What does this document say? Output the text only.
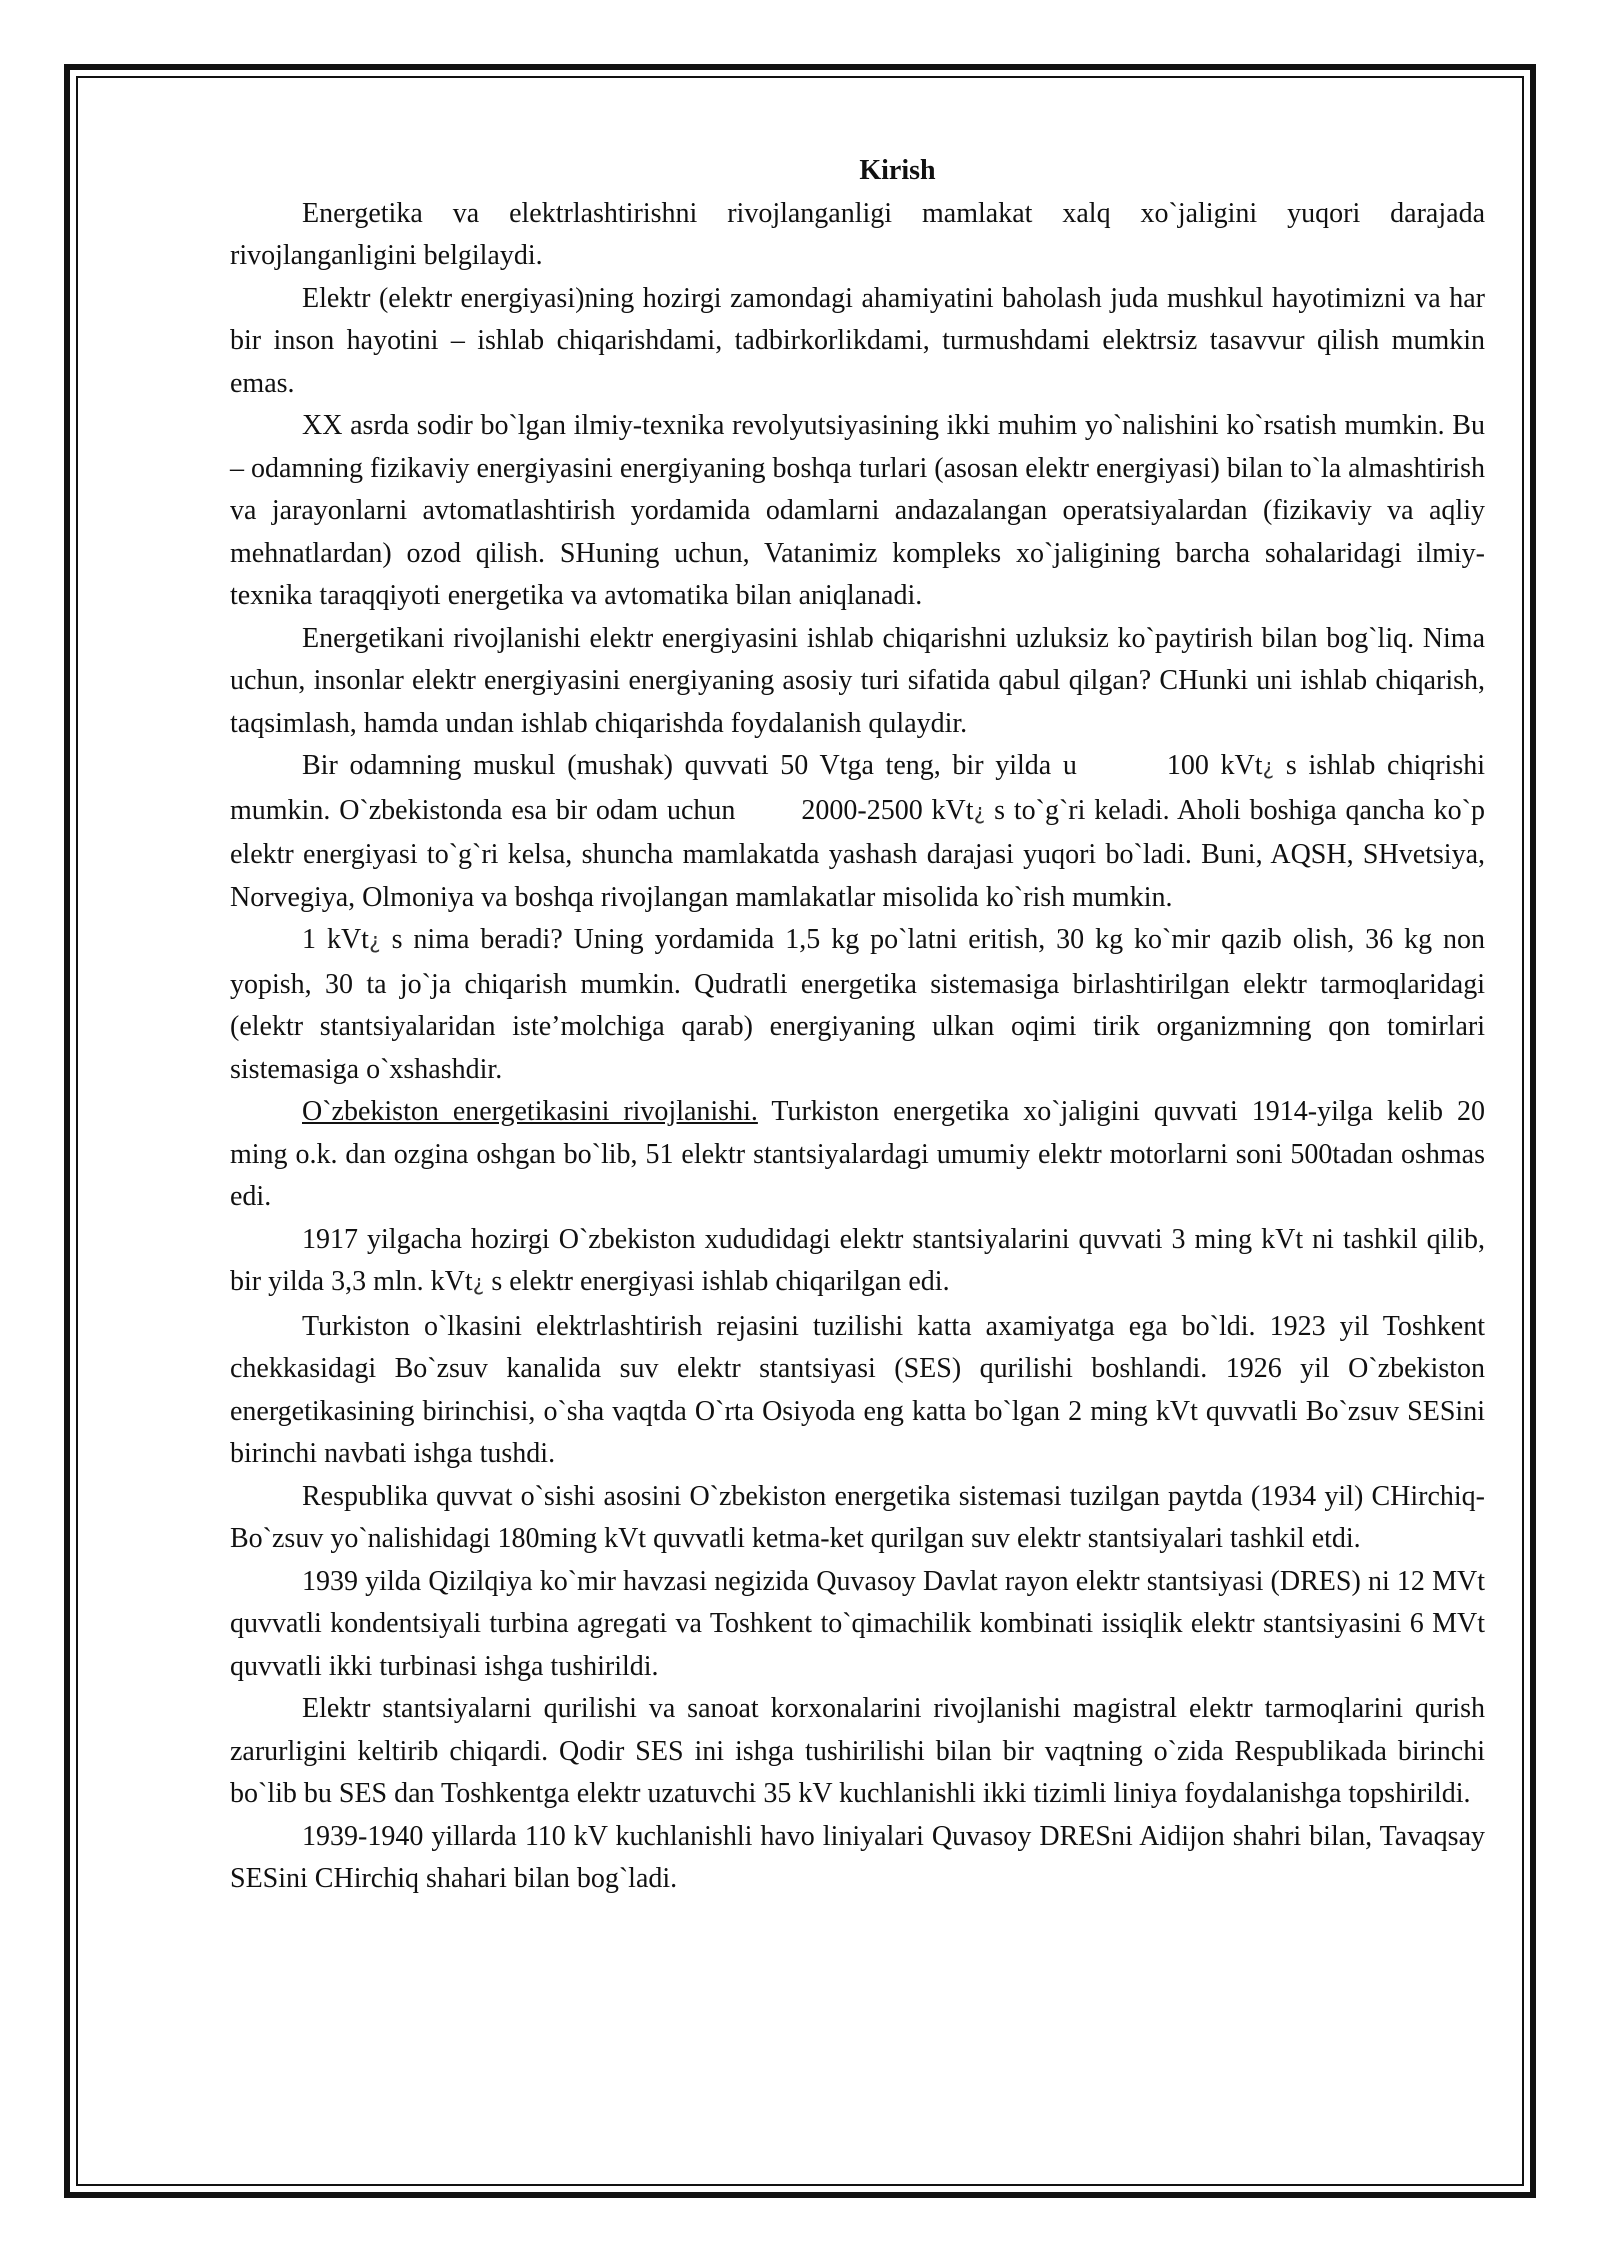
Kirish

Energetika va elektrlashtirishni rivojlanganligi mamlakat xalq xo`jaligini yuqori darajada rivojlanganligini belgilaydi.

Elektr (elektr energiyasi)ning hozirgi zamondagi ahamiyatini baholash juda mushkul hayotimizni va har bir inson hayotini – ishlab chiqarishdami, tadbirkorlikdami, turmushdami elektrsiz tasavvur qilish mumkin emas.

XX asrda sodir bo`lgan ilmiy-texnika revolyutsiyasining ikki muhim yo`nalishini ko`rsatish mumkin. Bu – odamning fizikaviy energiyasini energiyaning boshqa turlari (asosan elektr energiyasi) bilan to`la almashtirish va jarayonlarni avtomatlashtirish yordamida odamlarni andazalangan operatsiyalardan (fizikaviy va aqliy mehnatlardan) ozod qilish. SHuning uchun, Vatanimiz kompleks xo`jaligining barcha sohalaridagi ilmiy-texnika taraqqiyoti energetika va avtomatika bilan aniqlanadi.

Energetikani rivojlanishi elektr energiyasini ishlab chiqarishni uzluksiz ko`paytirish bilan bog`liq. Nima uchun, insonlar elektr energiyasini energiyaning asosiy turi sifatida qabul qilgan? CHunki uni ishlab chiqarish, taqsimlash, hamda undan ishlab chiqarishda foydalanish qulaydir.

Bir odamning muskul (mushak) quvvati 50 Vtga teng, bir yilda u	100 kVt¿ s ishlab chiqrishi mumkin. O`zbekistonda esa bir odam uchun 2000-2500 kVt¿ s to`g`ri keladi. Aholi boshiga qancha ko`p elektr energiyasi to`g`ri kelsa, shuncha mamlakatda yashash darajasi yuqori bo`ladi. Buni, AQSH, SHvetsiya, Norvegiya, Olmoniya va boshqa rivojlangan mamlakatlar misolida ko`rish mumkin.

1 kVt¿ s nima beradi? Uning yordamida 1,5 kg po`latni eritish, 30 kg ko`mir qazib olish, 36 kg non yopish, 30 ta jo`ja chiqarish mumkin. Qudratli energetika sistemasiga birlashtirilgan elektr tarmoqlaridagi (elektr stantsiyalaridan iste’molchiga qarab) energiyaning ulkan oqimi tirik organizmning qon tomirlari sistemasiga o`xshashdir.

O`zbekiston energetikasini rivojlanishi. Turkiston energetika xo`jaligini quvvati 1914-yilga kelib 20 ming o.k. dan ozgina oshgan bo`lib, 51 elektr stantsiyalardagi umumiy elektr motorlarni soni 500tadan oshmas edi.

1917 yilgacha hozirgi O`zbekiston xududidagi elektr stantsiyalarini quvvati 3 ming kVt ni tashkil qilib, bir yilda 3,3 mln. kVt¿ s elektr energiyasi ishlab chiqarilgan edi.

Turkiston o`lkasini elektrlashtirish rejasini tuzilishi katta axamiyatga ega bo`ldi. 1923 yil Toshkent chekkasidagi Bo`zsuv kanalida suv elektr stantsiyasi (SES) qurilishi boshlandi. 1926 yil O`zbekiston energetikasining birinchisi, o`sha vaqtda O`rta Osiyoda eng katta bo`lgan 2 ming kVt quvvatli Bo`zsuv SESini birinchi navbati ishga tushdi.

Respublika quvvat o`sishi asosini O`zbekiston energetika sistemasi tuzilgan paytda (1934 yil) CHirchiq-Bo`zsuv yo`nalishidagi 180ming kVt quvvatli ketma-ket qurilgan suv elektr stantsiyalari tashkil etdi.

1939 yilda Qizilqiya ko`mir havzasi negizida Quvasoy Davlat rayon elektr stantsiyasi (DRES) ni 12 MVt quvvatli kondentsiyali turbina agregati va Toshkent to`qimachilik kombinati issiqlik elektr stantsiyasini 6 MVt quvvatli ikki turbinasi ishga tushirildi.

Elektr stantsiyalarni qurilishi va sanoat korxonalarini rivojlanishi magistral elektr tarmoqlarini qurish zarurligini keltirib chiqardi. Qodir SES ini ishga tushirilishi bilan bir vaqtning o`zida Respublikada birinchi bo`lib bu SES dan Toshkentga elektr uzatuvchi 35 kV kuchlanishli ikki tizimli liniya foydalanishga topshirildi.

1939-1940 yillarda 110 kV kuchlanishli havo liniyalari Quvasoy DRESni Aidijon shahri bilan, Tavaqsay SESini CHirchiq shahari bilan bog`ladi.
